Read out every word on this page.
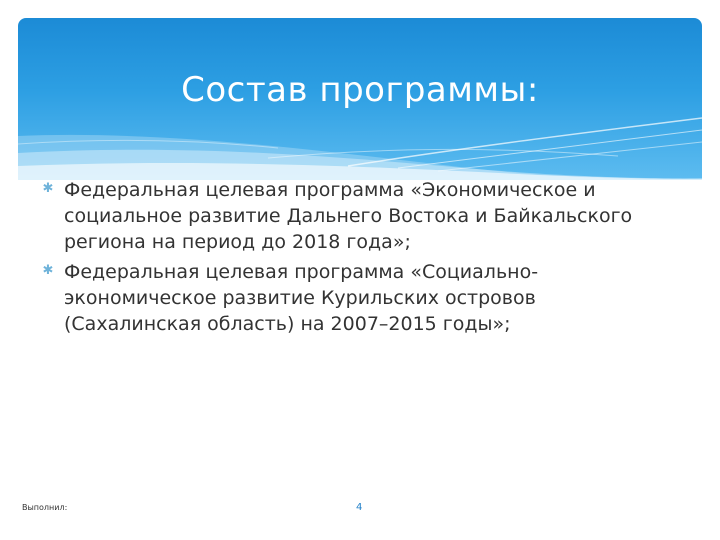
Состав программы:
✱ Федеральная целевая программа «Экономическое и социальное развитие Дальнего Востока и Байкальского региона на период до 2018 года»;
✱ Федеральная целевая программа «Социально-экономическое развитие Курильских островов (Сахалинская область) на 2007–2015 годы»;
Выполнил:	4
